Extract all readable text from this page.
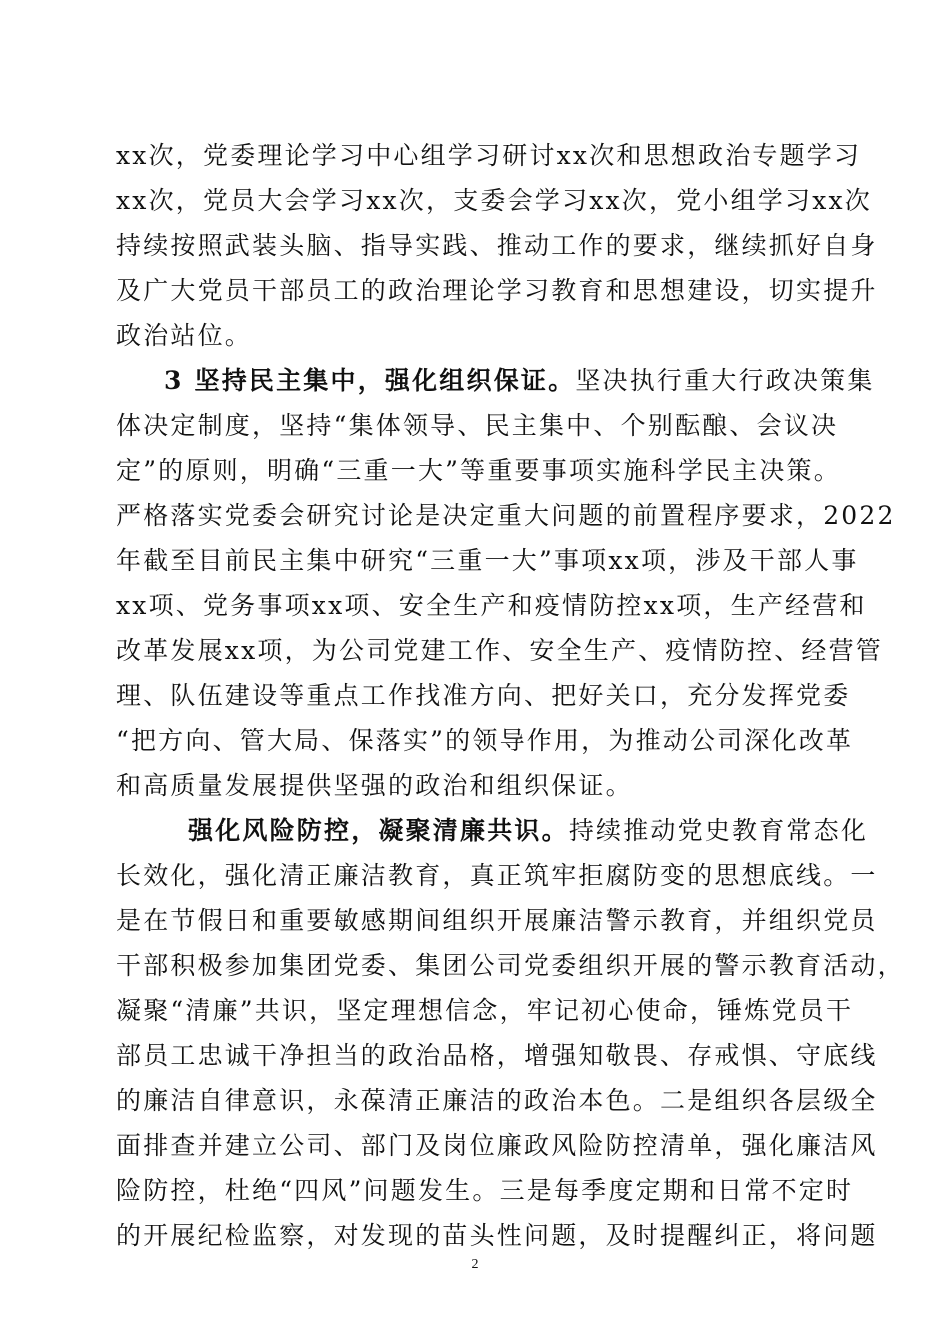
xx次，党委理论学习中心组学习研讨xx次和思想政治专题学习
xx次，党员大会学习xx次，支委会学习xx次，党小组学习xx次
持续按照武装头脑、指导实践、推动工作的要求，继续抓好自身
及广大党员干部员工的政治理论学习教育和思想建设，切实提升
政治站位。
3 坚持民主集中，强化组织保证。坚决执行重大行政决策集
体决定制度，坚持“集体领导、民主集中、个别酝酿、会议决
定”的原则，明确“三重一大”等重要事项实施科学民主决策。
严格落实党委会研究讨论是决定重大问题的前置程序要求，2022
年截至目前民主集中研究“三重一大”事项xx项，涉及干部人事
xx项、党务事项xx项、安全生产和疫情防控xx项，生产经营和
改革发展xx项，为公司党建工作、安全生产、疫情防控、经营管
理、队伍建设等重点工作找准方向、把好关口，充分发挥党委
“把方向、管大局、保落实”的领导作用，为推动公司深化改革
和高质量发展提供坚强的政治和组织保证。
强化风险防控，凝聚清廉共识。持续推动党史教育常态化
长效化，强化清正廉洁教育，真正筑牢拒腐防变的思想底线。一
是在节假日和重要敏感期间组织开展廉洁警示教育，并组织党员
干部积极参加集团党委、集团公司党委组织开展的警示教育活动，
凝聚“清廉”共识，坚定理想信念，牢记初心使命，锤炼党员干
部员工忠诚干净担当的政治品格，增强知敬畏、存戒惧、守底线
的廉洁自律意识，永葆清正廉洁的政治本色。二是组织各层级全
面排查并建立公司、部门及岗位廉政风险防控清单，强化廉洁风
险防控，杜绝“四风”问题发生。三是每季度定期和日常不定时
的开展纪检监察，对发现的苗头性问题，及时提醒纠正，将问题
2
